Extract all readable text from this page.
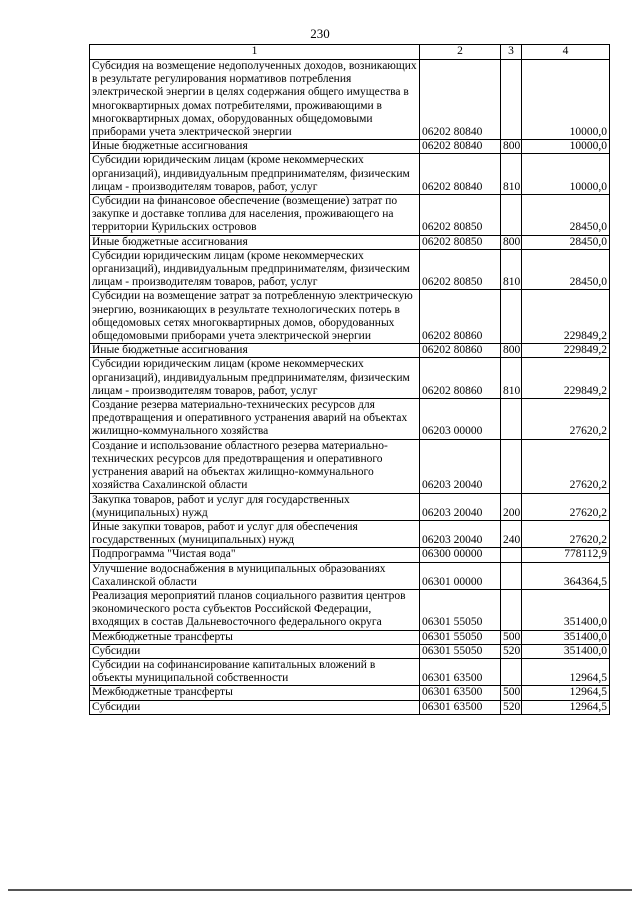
230
1	2	3	4
Субсидия на возмещение недополученных доходов, возникающих в результате регулирования нормативов потребления электрической энергии в целях содержания общего имущества в многоквартирных домах потребителями, проживающими в многоквартирных домах, оборудованных общедомовыми приборами учета электрической энергии	06202 80840		10000,0
Иные бюджетные ассигнования	06202 80840	800	10000,0
Субсидии юридическим лицам (кроме некоммерческих организаций), индивидуальным предпринимателям, физическим лицам - производителям товаров, работ, услуг	06202 80840	810	10000,0
Субсидии на финансовое обеспечение (возмещение) затрат по закупке и доставке топлива для населения, проживающего на территории Курильских островов	06202 80850		28450,0
Иные бюджетные ассигнования	06202 80850	800	28450,0
Субсидии юридическим лицам (кроме некоммерческих организаций), индивидуальным предпринимателям, физическим лицам - производителям товаров, работ, услуг	06202 80850	810	28450,0
Субсидии на возмещение затрат за потребленную электрическую энергию, возникающих в результате технологических потерь в общедомовых сетях многоквартирных домов, оборудованных общедомовыми приборами учета электрической энергии	06202 80860		229849,2
Иные бюджетные ассигнования	06202 80860	800	229849,2
Субсидии юридическим лицам (кроме некоммерческих организаций), индивидуальным предпринимателям, физическим лицам - производителям товаров, работ, услуг	06202 80860	810	229849,2
Создание резерва материально-технических ресурсов для предотвращения и оперативного устранения аварий на объектах жилищно-коммунального хозяйства	06203 00000		27620,2
Создание и использование областного резерва материально-технических ресурсов для предотвращения и оперативного устранения аварий на объектах жилищно-коммунального хозяйства Сахалинской области	06203 20040		27620,2
Закупка товаров, работ и услуг для государственных (муниципальных) нужд	06203 20040	200	27620,2
Иные закупки товаров, работ и услуг для обеспечения государственных (муниципальных) нужд	06203 20040	240	27620,2
Подпрограмма "Чистая вода"	06300 00000		778112,9
Улучшение водоснабжения в муниципальных образованиях Сахалинской области	06301 00000		364364,5
Реализация мероприятий планов социального развития центров экономического роста субъектов Российской Федерации, входящих в состав Дальневосточного федерального округа	06301 55050		351400,0
Межбюджетные трансферты	06301 55050	500	351400,0
Субсидии	06301 55050	520	351400,0
Субсидии на софинансирование капитальных вложений в объекты муниципальной собственности	06301 63500		12964,5
Межбюджетные трансферты	06301 63500	500	12964,5
Субсидии	06301 63500	520	12964,5
